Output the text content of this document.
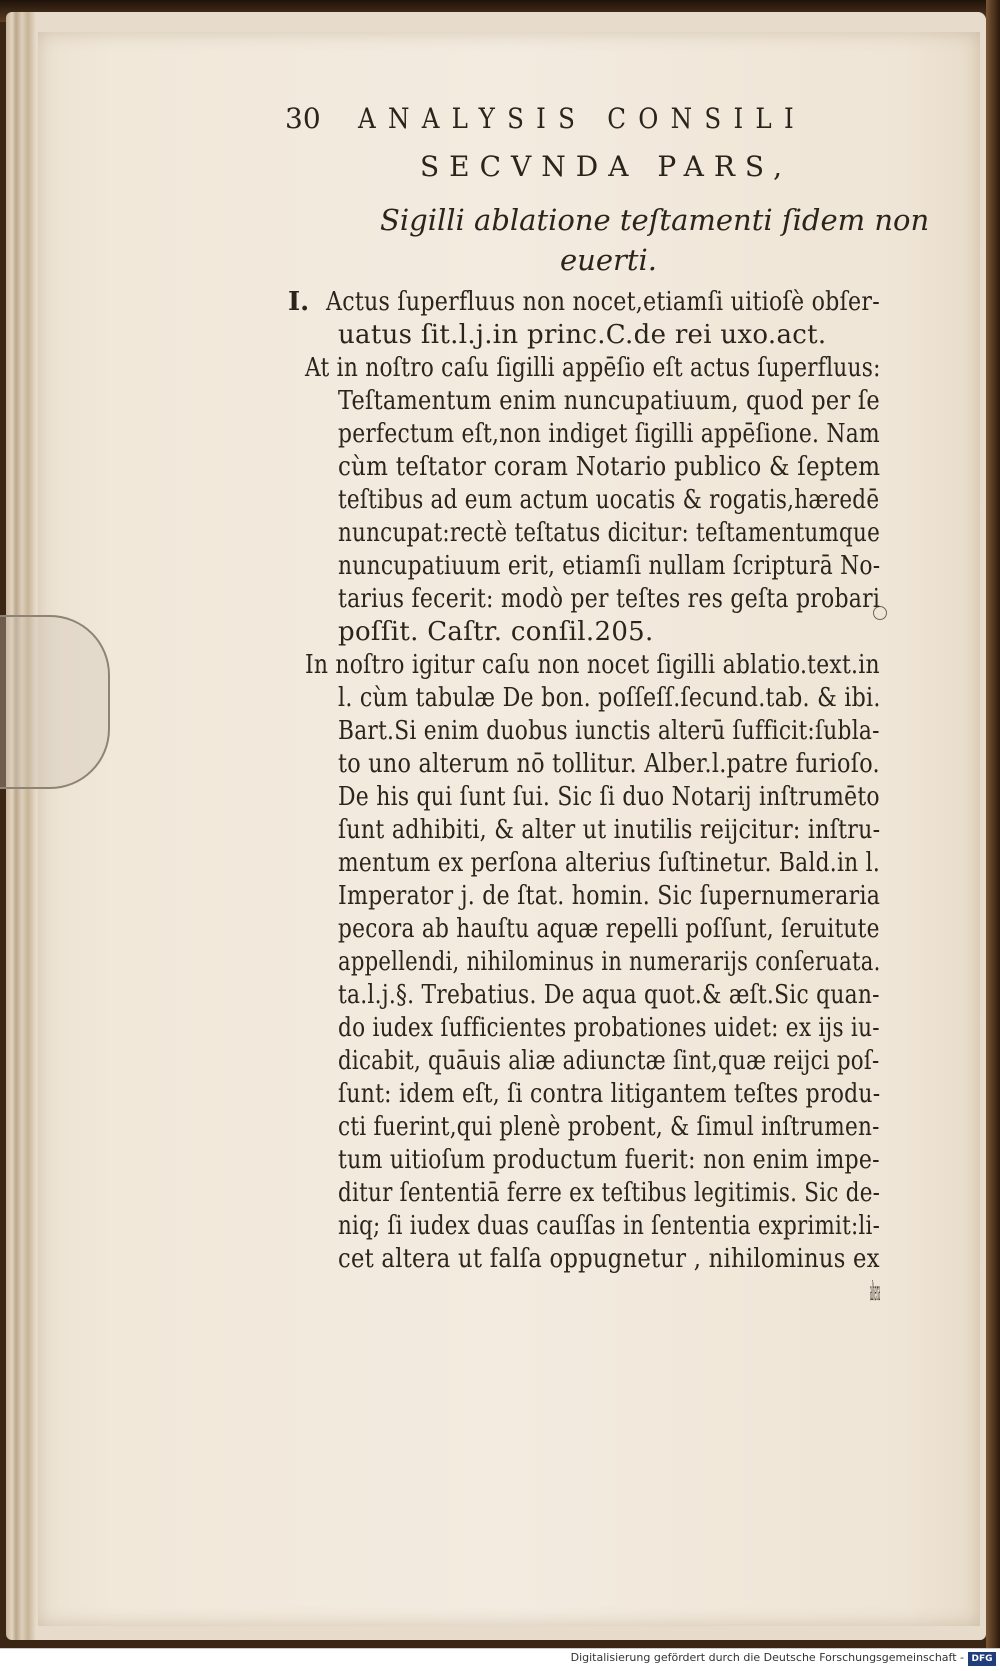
30 ANALYSIS CONSILI
SECVNDA PARS,
Sigilli ablatione teſtamenti ſidem non
euerti.
I. Actus ſuperfluus non nocet,etiamſi uitioſè obſer-
uatus ſit.l.j.in princ.C.de rei uxo.act.
At in noſtro caſu ſigilli appēſio eſt actus ſuperfluus:
Teſtamentum enim nuncupatiuum, quod per ſe
perfectum eſt,non indiget ſigilli appēſione. Nam
cùm teſtator coram Notario publico & ſeptem
teſtibus ad eum actum uocatis & rogatis,hæredē
nuncupat:rectè teſtatus dicitur: teſtamentumque
nuncupatiuum erit, etiamſi nullam ſcripturā No-
tarius fecerit: modò per teſtes res geſta probari
poſſit. Caſtr. conſil.205.
In noſtro igitur caſu non nocet ſigilli ablatio.text.in
l. cùm tabulæ De bon. poſſeſſ.ſecund.tab. & ibi.
Bart.Si enim duobus iunctis alterū ſufficit:ſubla-
to uno alterum nō tollitur. Alber.l.patre furioſo.
De his qui ſunt ſui. Sic ſi duo Notarij inſtrumēto
ſunt adhibiti, & alter ut inutilis reijcitur: inſtru-
mentum ex perſona alterius ſuſtinetur. Bald.in l.
Imperator j. de ſtat. homin. Sic ſupernumeraria
pecora ab hauſtu aquæ repelli poſſunt, ſeruitute
appellendi, nihilominus in numerarijs conſeruata.
ta.l.j.§. Trebatius. De aqua quot.& æſt.Sic quan-
do iudex ſufficientes probationes uidet: ex ijs iu-
dicabit, quāuis aliæ adiunctæ ſint,quæ reijci poſ-
ſunt: idem eſt, ſi contra litigantem teſtes produ-
cti fuerint,qui plenè probent, & ſimul inſtrumen-
tum uitioſum productum fuerit: non enim impe-
ditur ſententiā ferre ex teſtibus legitimis. Sic de-
niq; ſi iudex duas cauſſas in ſententia exprimit:li-
cet altera ut falſa oppugnetur , nihilominus ex
altera
Digitalisierung gefördert durch die Deutsche Forschungsgemeinschaft - DFG
